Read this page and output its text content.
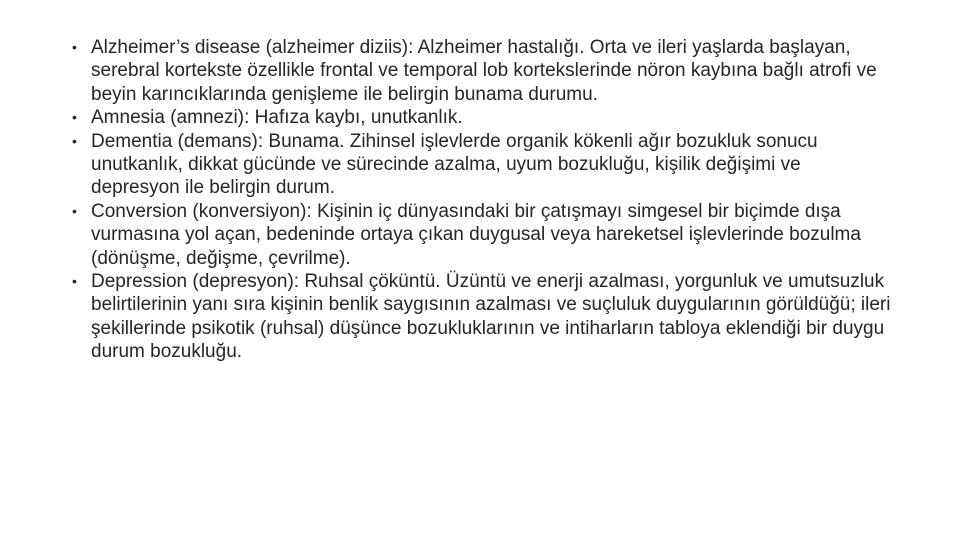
• Alzheimer’s disease (alzheimer diziis): Alzheimer hastalığı. Orta ve ileri yaşlarda başlayan, serebral kortekste özellikle frontal ve temporal lob kortekslerinde nöron kaybına bağlı atrofi ve beyin karıncıklarında genişleme ile belirgin bunama durumu.
• Amnesia (amnezi): Hafıza kaybı, unutkanlık.
• Dementia (demans): Bunama. Zihinsel işlevlerde organik kökenli ağır bozukluk sonucu unutkanlık, dikkat gücünde ve sürecinde azalma, uyum bozukluğu, kişilik değişimi ve depresyon ile belirgin durum.
• Conversion (konversiyon): Kişinin iç dünyasındaki bir çatışmayı simgesel bir biçimde dışa vurmasına yol açan, bedeninde ortaya çıkan duygusal veya hareketsel işlevlerinde bozulma (dönüşme, değişme, çevrilme).
• Depression (depresyon): Ruhsal çöküntü. Üzüntü ve enerji azalması, yorgunluk ve umutsuzluk belirtilerinin yanı sıra kişinin benlik saygısının azalması ve suçluluk duygularının görüldüğü; ileri şekillerinde psikotik (ruhsal) düşünce bozukluklarının ve intiharların tabloya eklendiği bir duygu durum bozukluğu.
